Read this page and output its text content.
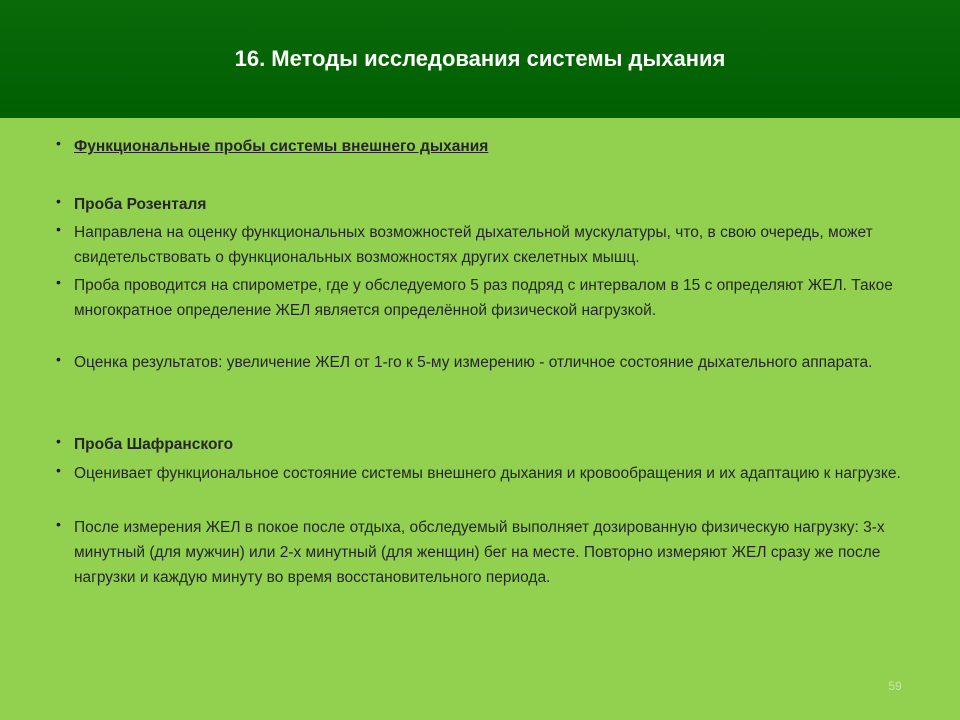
16. Методы исследования системы дыхания
• Функциональные пробы системы внешнего дыхания
• Проба Розенталя
• Направлена на оценку функциональных возможностей дыхательной мускулатуры, что, в свою очередь, может свидетельствовать о функциональных возможностях других скелетных мышц.
• Проба проводится на спирометре, где у обследуемого 5 раз подряд с интервалом в 15 с определяют ЖЕЛ. Такое многократное определение ЖЕЛ является определённой физической нагрузкой.
• Оценка результатов: увеличение ЖЕЛ от 1-го к 5-му измерению - отличное состояние дыхательного аппарата.
• Проба Шафранского
• Оценивает функциональное состояние системы внешнего дыхания и кровообращения и их адаптацию к нагрузке.
• После измерения ЖЕЛ в покое после отдыха, обследуемый выполняет дозированную физическую нагрузку: 3-х минутный (для мужчин) или 2-х минутный (для женщин) бег на месте. Повторно измеряют ЖЕЛ сразу же после нагрузки и каждую минуту во время восстановительного периода.
59
